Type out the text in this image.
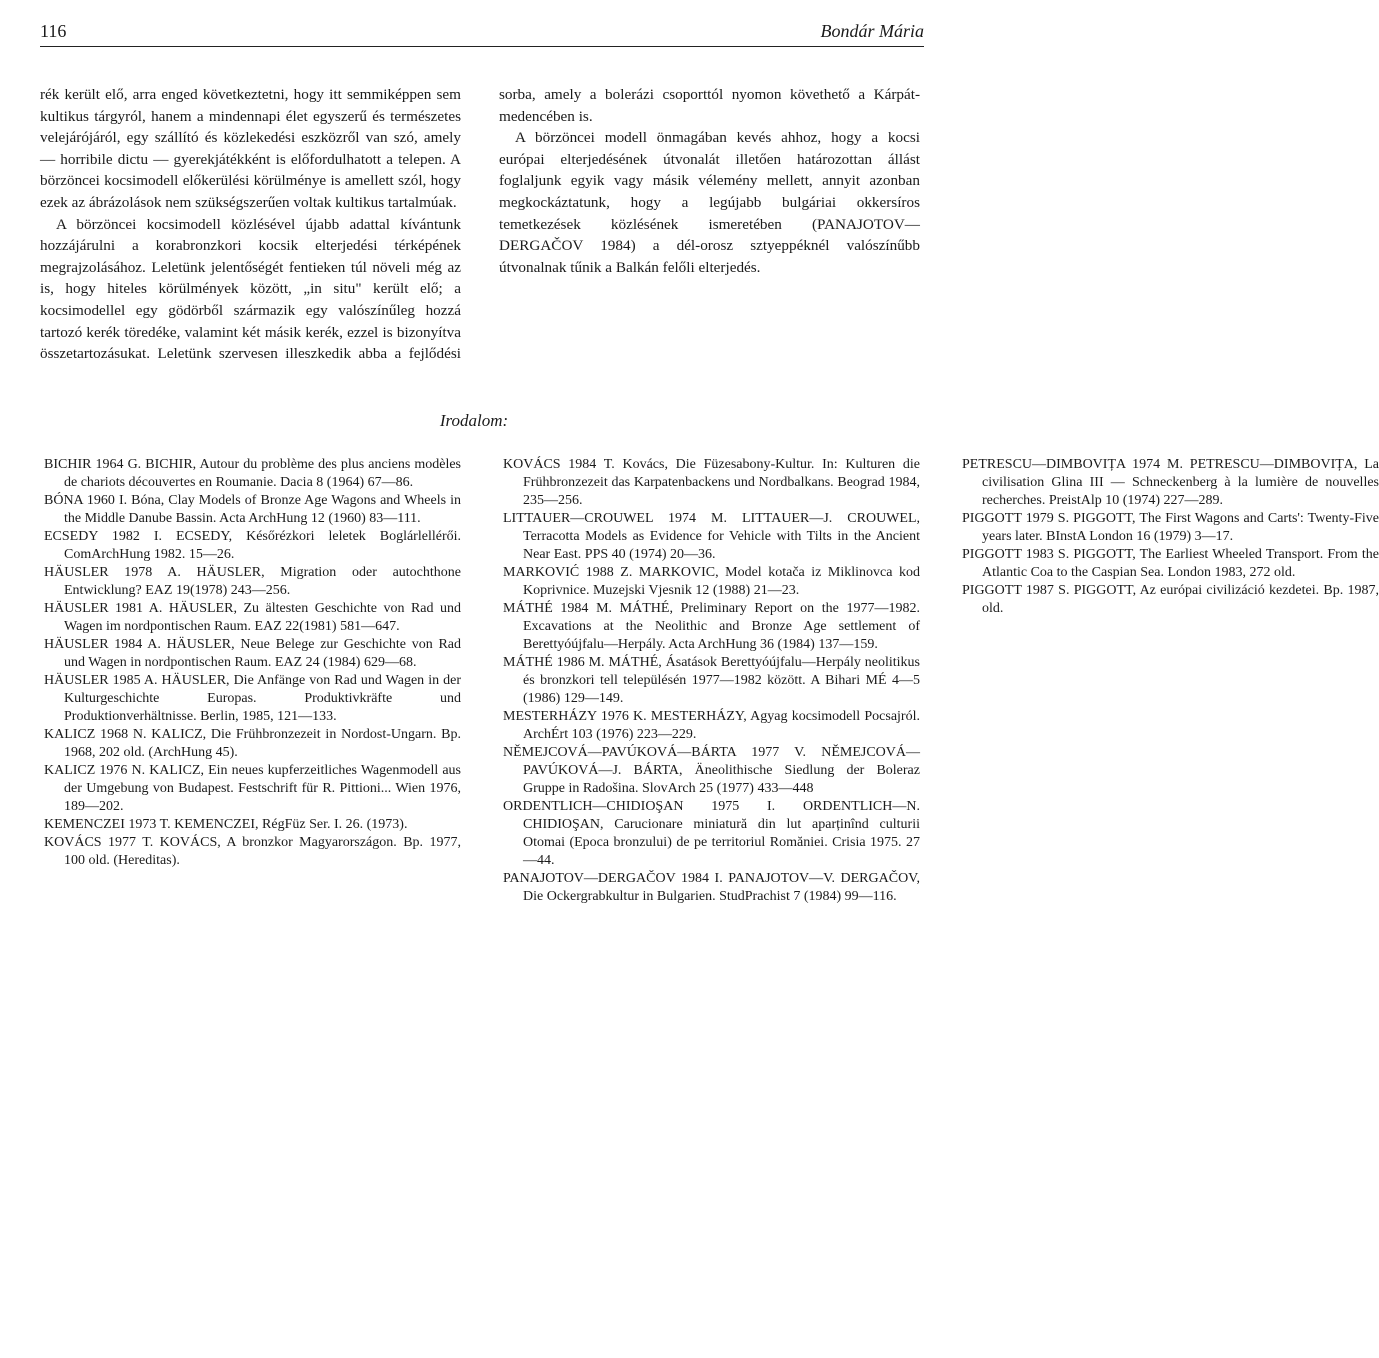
116	Bondár Mária

rék került elő, arra enged következtetni, hogy itt semmiképpen sem kultikus tárgyról, hanem a mindennapi élet egyszerű és természetes velejárójáról, egy szállító és közlekedési eszközről van szó, amely — horribile dictu — gyerekjátékként is előfordulhatott a telepen. A börzöncei kocsimodell előkerülési körülménye is amellett szól, hogy ezek az ábrázolások nem szükségszerűen voltak kultikus tartalmúak.

A börzöncei kocsimodell közlésével újabb adattal kívántunk hozzájárulni a korabronzkori kocsik elterjedési térképének megrajzolásához. Leletünk jelentőségét fentieken túl növeli még az is, hogy hiteles körülmények között, „in situ" került elő; a kocsimodellel egy gödörből származik egy valószínűleg hozzá tartozó kerék töredéke, valamint két másik kerék, ezzel is bizonyítva összetartozásukat. Leletünk szervesen illeszkedik abba a fejlődési sorba, amely a bolerázi csoporttól nyomon követhető a Kárpát-medencében is.

A börzöncei modell önmagában kevés ahhoz, hogy a kocsi európai elterjedésének útvonalát illetően határozottan állást foglaljunk egyik vagy másik vélemény mellett, annyit azonban megkockáztatunk, hogy a legújabb bulgáriai okkersíros temetkezések közlésének ismeretében (PANAJOTOV—DERGAČOV 1984) a dél-orosz sztyeppéknél valószínűbb útvonalnak tűnik a Balkán felőli elterjedés.

Irodalom:

BICHIR 1964 G. BICHIR, Autour du problème des plus anciens modèles de chariots découvertes en Roumanie. Dacia 8 (1964) 67—86.

BÓNA 1960 I. Bóna, Clay Models of Bronze Age Wagons and Wheels in the Middle Danube Bassin. Acta ArchHung 12 (1960) 83—111.

ECSEDY 1982 I. ECSEDY, Későrézkori leletek Boglárlellérői. ComArchHung 1982. 15—26.

HÄUSLER 1978 A. HÄUSLER, Migration oder autochthone Entwicklung? EAZ 19(1978) 243—256.

HÄUSLER 1981 A. HÄUSLER, Zu ältesten Geschichte von Rad und Wagen im nordpontischen Raum. EAZ 22(1981) 581—647.

HÄUSLER 1984 A. HÄUSLER, Neue Belege zur Geschichte von Rad und Wagen in nordpontischen Raum. EAZ 24 (1984) 629—68.

HÄUSLER 1985 A. HÄUSLER, Die Anfänge von Rad und Wagen in der Kulturgeschichte Europas. Produktivkräfte und Produktionverhältnisse. Berlin, 1985, 121—133.

KALICZ 1968 N. KALICZ, Die Frühbronzezeit in Nordost-Ungarn. Bp. 1968, 202 old. (ArchHung 45).

KALICZ 1976 N. KALICZ, Ein neues kupferzeitliches Wagenmodell aus der Umgebung von Budapest. Festschrift für R. Pittioni... Wien 1976, 189—202.

KEMENCZEI 1973 T. KEMENCZEI, RégFüz Ser. I. 26. (1973).

KOVÁCS 1977 T. KOVÁCS, A bronzkor Magyarországon. Bp. 1977, 100 old. (Hereditas).

KOVÁCS 1984 T. Kovács, Die Füzesabony-Kultur. In: Kulturen die Frühbronzezeit das Karpatenbackens und Nordbalkans. Beograd 1984, 235—256.

LITTAUER—CROUWEL 1974 M. LITTAUER—J. CROUWEL, Terracotta Models as Evidence for Vehicle with Tilts in the Ancient Near East. PPS 40 (1974) 20—36.

MARKOVIĆ 1988 Z. MARKOVIC, Model kotača iz Miklinovca kod Koprivnice. Muzejski Vjesnik 12 (1988) 21—23.

MÁTHÉ 1984 M. MÁTHÉ, Preliminary Report on the 1977—1982. Excavations at the Neolithic and Bronze Age settlement of Berettyóújfalu—Herpály. Acta ArchHung 36 (1984) 137—159.

MÁTHÉ 1986 M. MÁTHÉ, Ásatások Berettyóújfalu—Herpály neolitikus és bronzkori tell településén 1977—1982 között. A Bihari MÉ 4—5 (1986) 129—149.

MESTERHÁZY 1976 K. MESTERHÁZY, Agyag kocsimodell Pocsajról. ArchÉrt 103 (1976) 223—229.

NĚMEJCOVÁ—PAVÚKOVÁ—BÁRTA 1977 V. NĚMEJCOVÁ—PAVÚKOVÁ—J. BÁRTA, Äneolithische Siedlung der Boleraz Gruppe in Radošina. SlovArch 25 (1977) 433—448

ORDENTLICH—CHIDIOŞAN 1975 I. ORDENTLICH—N. CHIDIOŞAN, Carucionare miniatură din lut aparținînd culturii Otomai (Epoca bronzului) de pe territoriul Romăniei. Crisia 1975. 27—44.

PANAJOTOV—DERGAČOV 1984 I. PANAJOTOV—V. DERGAČOV, Die Ockergrabkultur in Bulgarien. StudPrachist 7 (1984) 99—116.

PETRESCU—DIMBOVIȚA 1974 M. PETRESCU—DIMBOVIȚA, La civilisation Glina III — Schneckenberg à la lumière de nouvelles recherches. PreistAlp 10 (1974) 227—289.

PIGGOTT 1979 S. PIGGOTT, The First Wagons and Carts': Twenty-Five years later. BInstA London 16 (1979) 3—17.

PIGGOTT 1983 S. PIGGOTT, The Earliest Wheeled Transport. From the Atlantic Coa to the Caspian Sea. London 1983, 272 old.

PIGGOTT 1987 S. PIGGOTT, Az európai civilizáció kezdetei. Bp. 1987, old.
